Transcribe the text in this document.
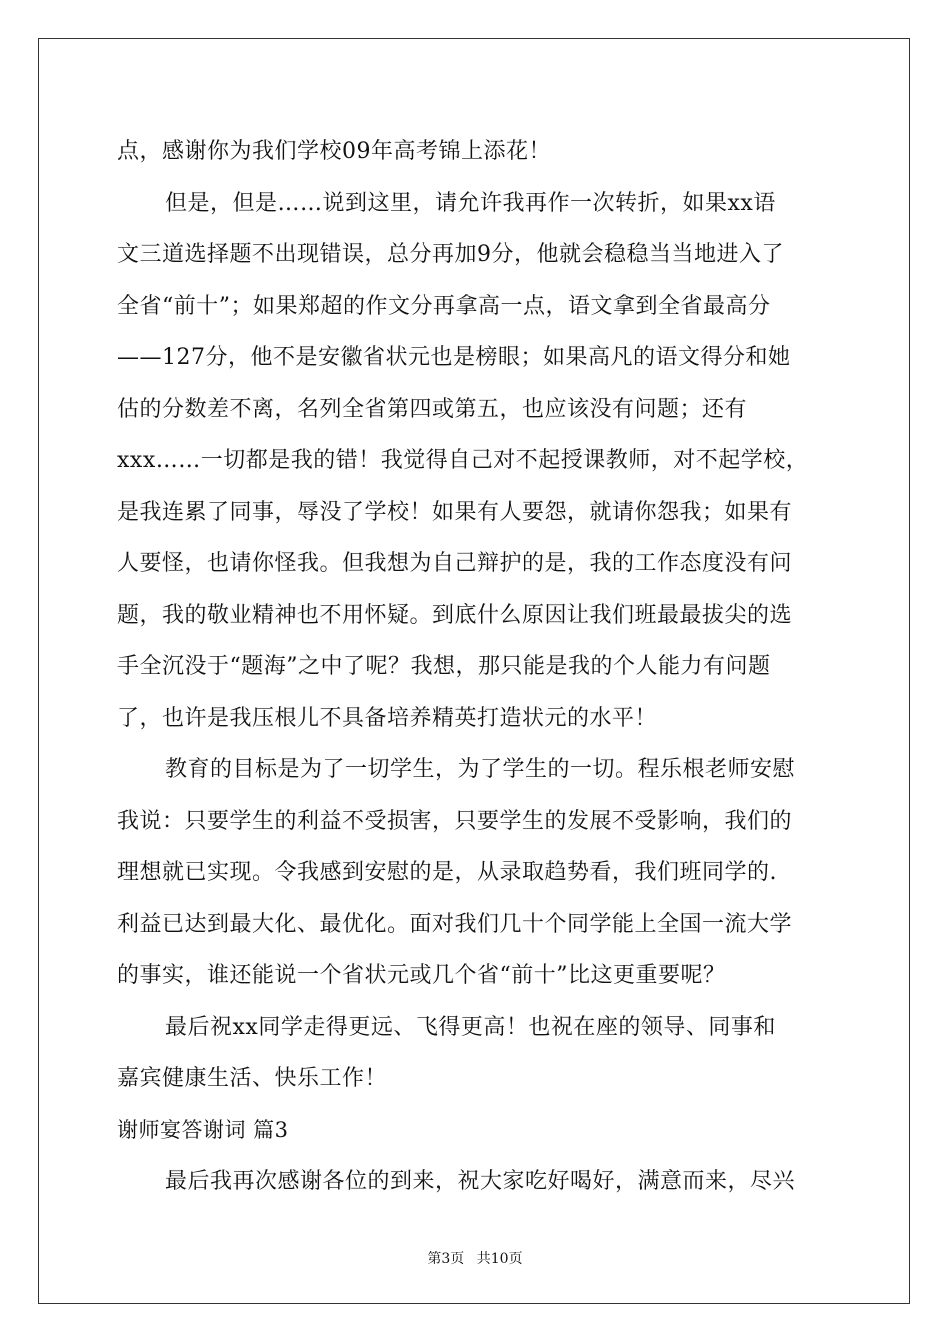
点，感谢你为我们学校09年高考锦上添花！
但是，但是……说到这里，请允许我再作一次转折，如果xx语
文三道选择题不出现错误，总分再加9分，他就会稳稳当当地进入了
全省“前十”；如果郑超的作文分再拿高一点，语文拿到全省最高分
——127分，他不是安徽省状元也是榜眼；如果高凡的语文得分和她
估的分数差不离，名列全省第四或第五，也应该没有问题；还有
xxx……一切都是我的错！我觉得自己对不起授课教师，对不起学校，
是我连累了同事，辱没了学校！如果有人要怨，就请你怨我；如果有
人要怪，也请你怪我。但我想为自己辩护的是，我的工作态度没有问
题，我的敬业精神也不用怀疑。到底什么原因让我们班最最拔尖的选
手全沉没于“题海”之中了呢？我想，那只能是我的个人能力有问题
了，也许是我压根儿不具备培养精英打造状元的水平！
教育的目标是为了一切学生，为了学生的一切。程乐根老师安慰
我说：只要学生的利益不受损害，只要学生的发展不受影响，我们的
理想就已实现。令我感到安慰的是，从录取趋势看，我们班同学的.
利益已达到最大化、最优化。面对我们几十个同学能上全国一流大学
的事实，谁还能说一个省状元或几个省“前十”比这更重要呢？
最后祝xx同学走得更远、飞得更高！也祝在座的领导、同事和
嘉宾健康生活、快乐工作！
谢师宴答谢词 篇3
最后我再次感谢各位的到来，祝大家吃好喝好，满意而来，尽兴
第3页 共10页
